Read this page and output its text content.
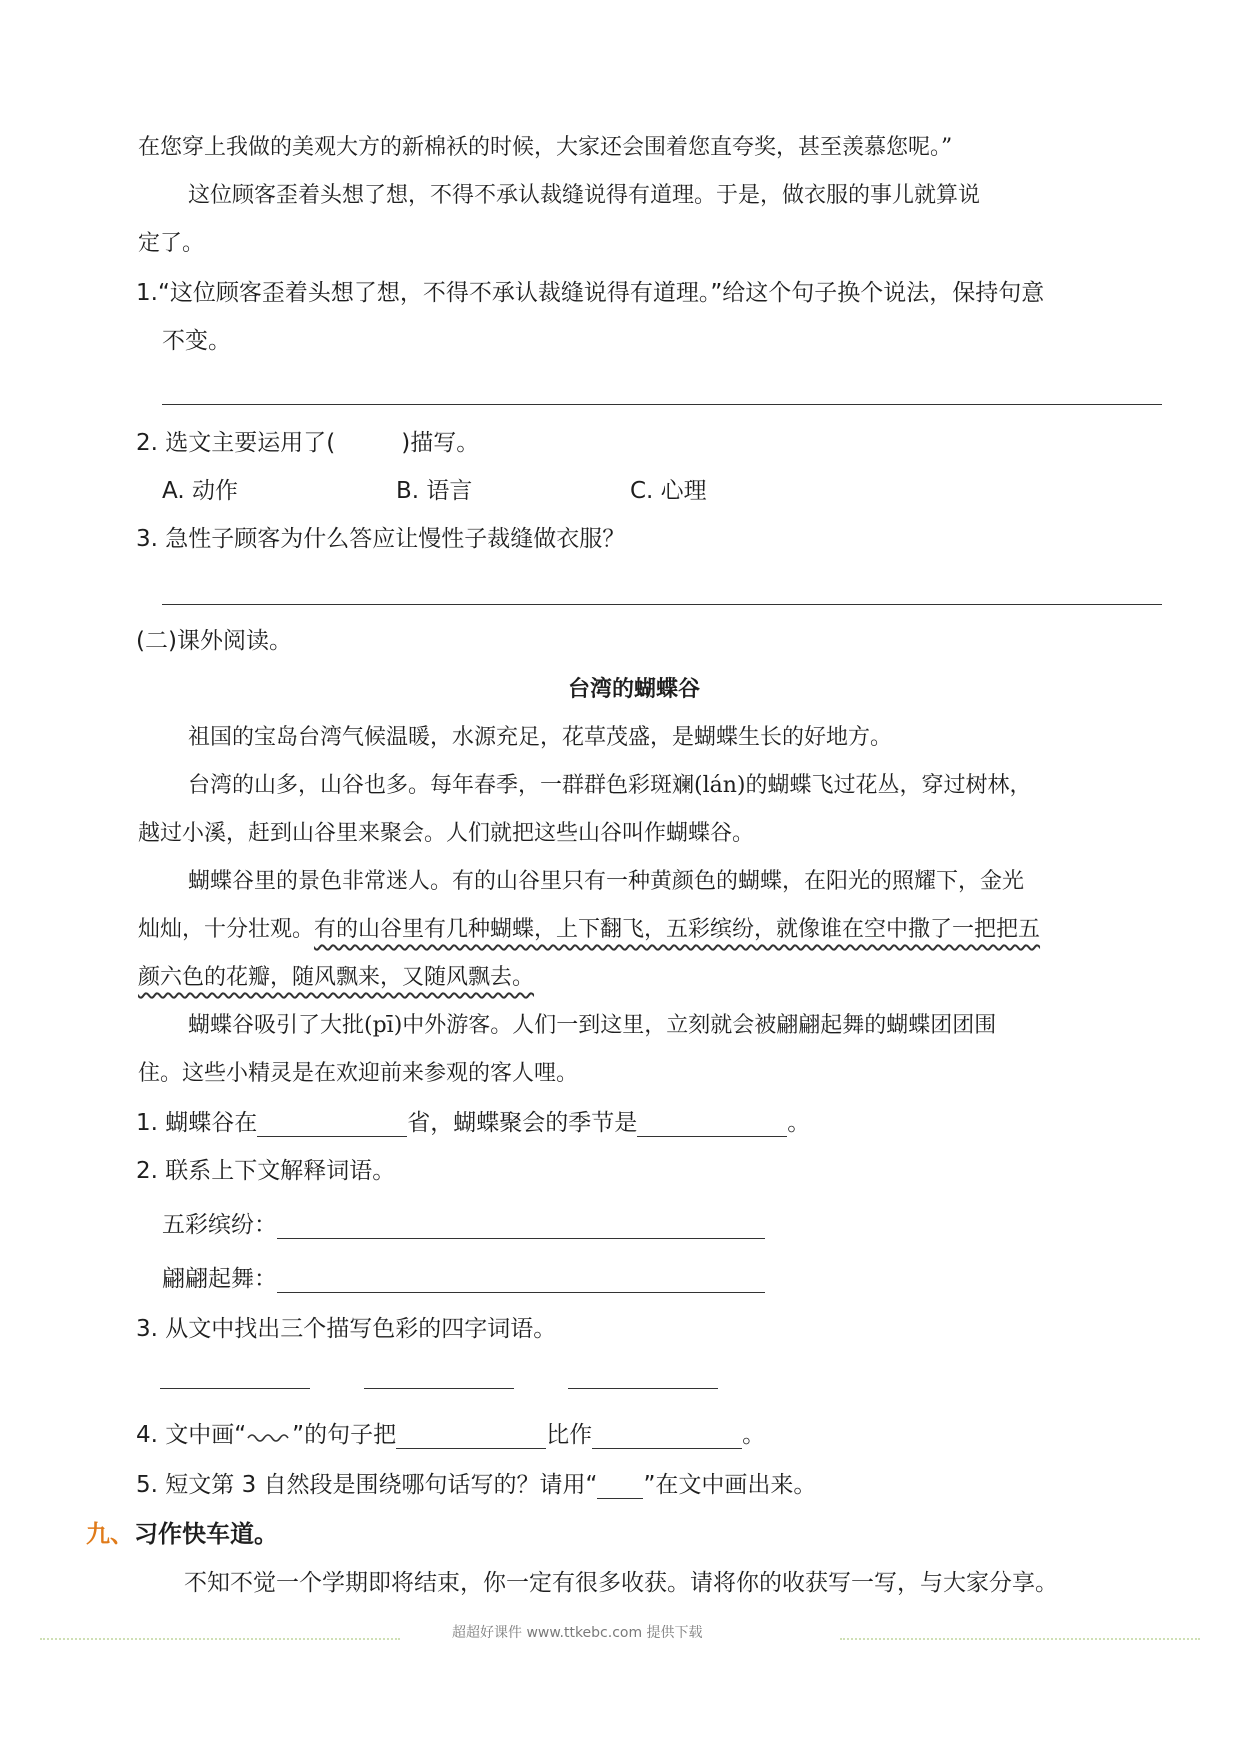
在您穿上我做的美观大方的新棉袄的时候，大家还会围着您直夸奖，甚至羡慕您呢。”
这位顾客歪着头想了想，不得不承认裁缝说得有道理。于是，做衣服的事儿就算说
定了。
1.“这位顾客歪着头想了想，不得不承认裁缝说得有道理。”给这个句子换个说法，保持句意
不变。
2. 选文主要运用了(	)描写。
A. 动作	B. 语言	C. 心理
3. 急性子顾客为什么答应让慢性子裁缝做衣服？
(二)课外阅读。
台湾的蝴蝶谷
祖国的宝岛台湾气候温暖，水源充足，花草茂盛，是蝴蝶生长的好地方。
台湾的山多，山谷也多。每年春季，一群群色彩斑斓(lán)的蝴蝶飞过花丛，穿过树林，
越过小溪，赶到山谷里来聚会。人们就把这些山谷叫作蝴蝶谷。
蝴蝶谷里的景色非常迷人。有的山谷里只有一种黄颜色的蝴蝶，在阳光的照耀下，金光
灿灿，十分壮观。有的山谷里有几种蝴蝶，上下翻飞，五彩缤纷，就像谁在空中撒了一把把五
颜六色的花瓣，随风飘来，又随风飘去。
蝴蝶谷吸引了大批(pī)中外游客。人们一到这里，立刻就会被翩翩起舞的蝴蝶团团围
住。这些小精灵是在欢迎前来参观的客人哩。
1. 蝴蝶谷在	省，蝴蝶聚会的季节是	。
2. 联系上下文解释词语。
五彩缤纷：
翩翩起舞：
3. 从文中找出三个描写色彩的四字词语。
4. 文中画“ ”的句子把	比作	。
5. 短文第 3 自然段是围绕哪句话写的？请用“ ”在文中画出来。
九、习作快车道。
不知不觉一个学期即将结束，你一定有很多收获。请将你的收获写一写，与大家分享。
超超好课件 www.ttkebc.com 提供下载
